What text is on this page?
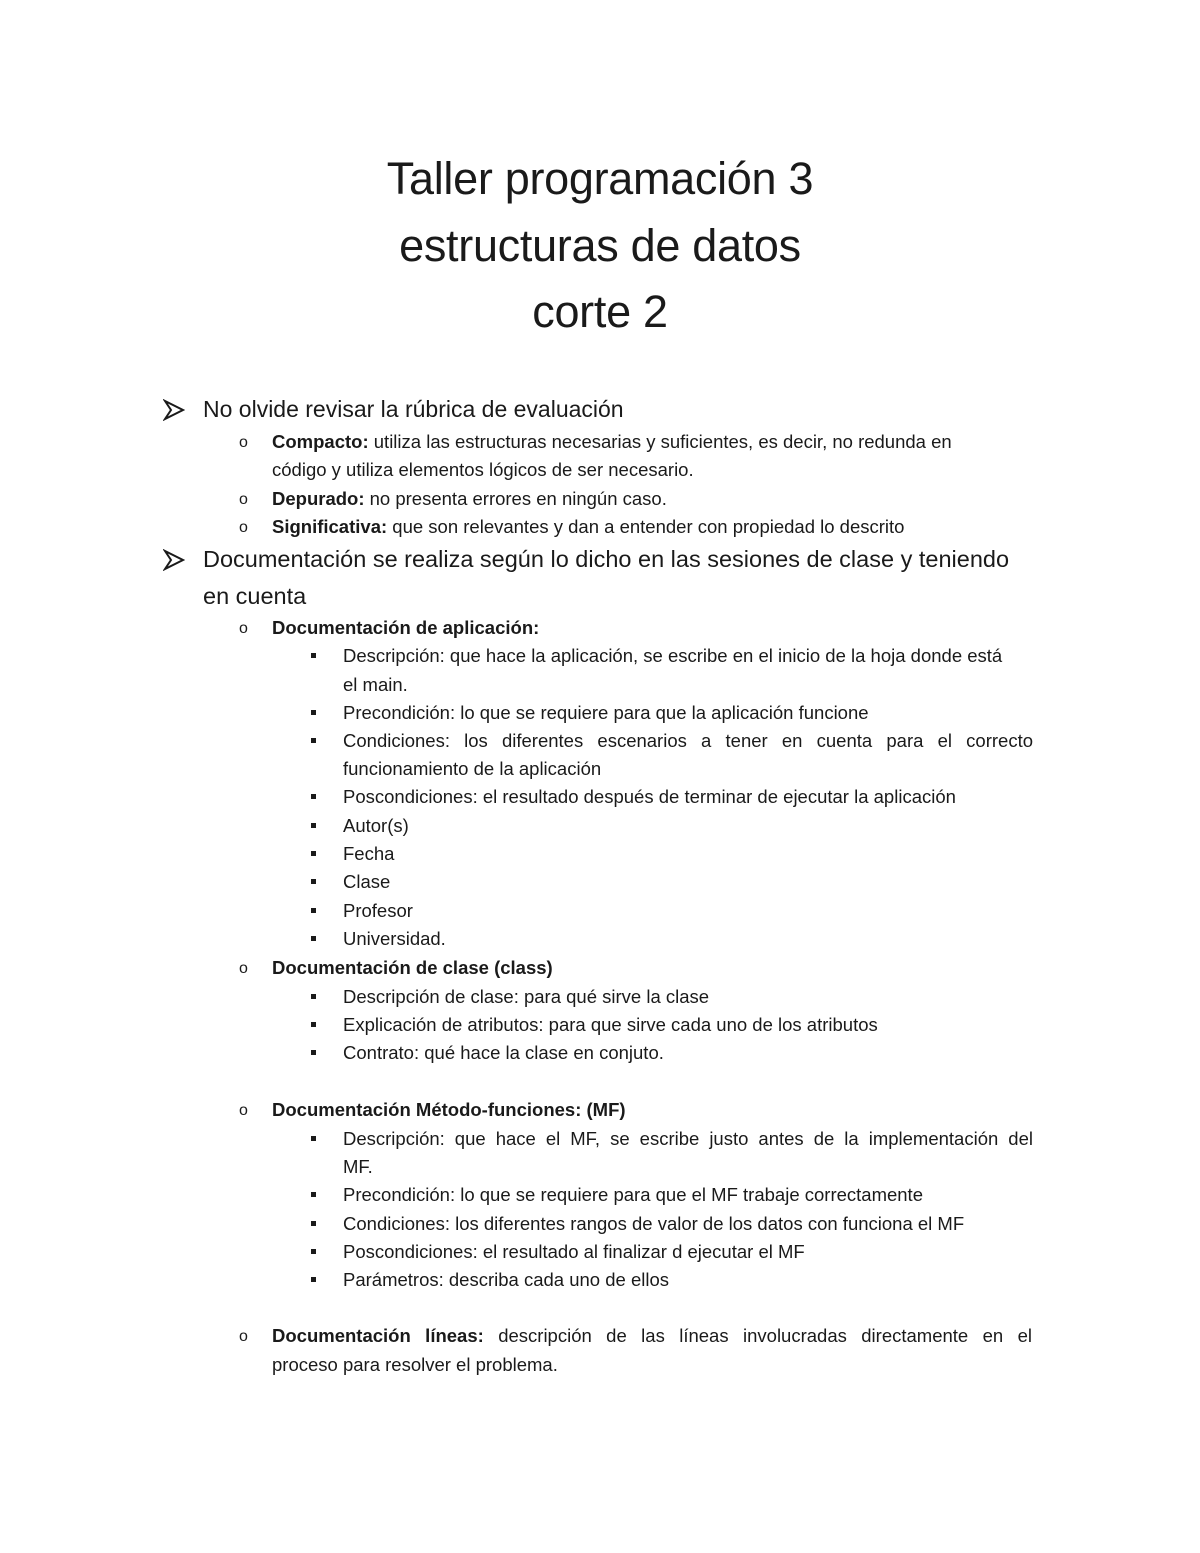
Taller programación 3
estructuras de datos
corte 2
No olvide revisar la rúbrica de evaluación
o Compacto: utiliza las estructuras necesarias y suficientes, es decir, no redunda en
código y utiliza elementos lógicos de ser necesario.
o Depurado: no presenta errores en ningún caso.
o Significativa: que son relevantes y dan a entender con propiedad lo descrito
Documentación se realiza según lo dicho en las sesiones de clase y teniendo
en cuenta
o Documentación de aplicación:
Descripción: que hace la aplicación, se escribe en el inicio de la hoja donde está
el main.
Precondición: lo que se requiere para que la aplicación funcione
Condiciones: los diferentes escenarios a tener en cuenta para el correcto
funcionamiento de la aplicación
Poscondiciones: el resultado después de terminar de ejecutar la aplicación
Autor(s)
Fecha
Clase
Profesor
Universidad.
o Documentación de clase (class)
Descripción de clase: para qué sirve la clase
Explicación de atributos: para que sirve cada uno de los atributos
Contrato: qué hace la clase en conjuto.
o Documentación Método-funciones: (MF)
Descripción: que hace el MF, se escribe justo antes de la implementación del
MF.
Precondición: lo que se requiere para que el MF trabaje correctamente
Condiciones: los diferentes rangos de valor de los datos con funciona el MF
Poscondiciones: el resultado al finalizar d ejecutar el MF
Parámetros: describa cada uno de ellos
o Documentación líneas: descripción de las líneas involucradas directamente en el
proceso para resolver el problema.
